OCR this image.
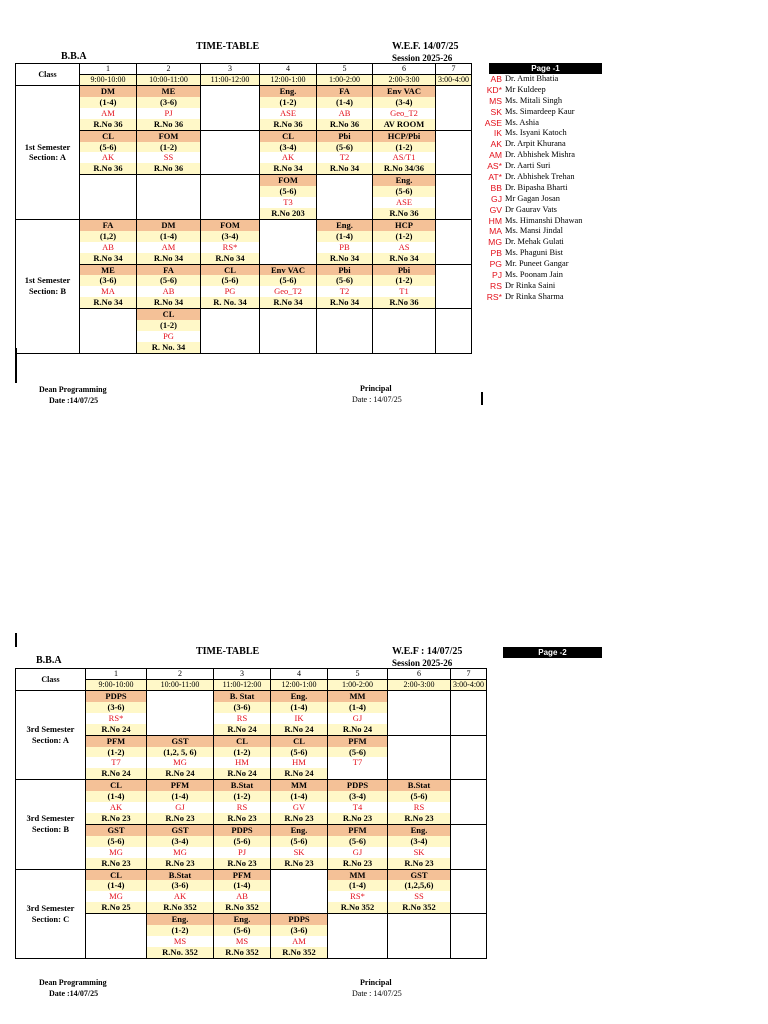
B.B.A
TIME-TABLE	W.E.F. 14/07/25
Session 2025-26
Page -1
Class	1	2	3	4	5	6	7
	9:00-10:00	10:00-11:00	11:00-12:00	12:00-1:00	1:00-2:00	2:00-3:00	3:00-4:00

1st Semester
Section: A	DM	ME		Eng.	FA	Env VAC	
	(1-4)	(3-6)		(1-2)	(1-4)	(3-4)	
	AM	PJ		ASE	AB	Geo_T2	
	R.No 36	R.No 36		R.No 36	R.No 36	AV ROOM	
	CL	FOM		CL	Pbi	HCP/Pbi	
	(5-6)	(1-2)		(3-4)	(5-6)	(1-2)	
	AK	SS		AK	T2	AS/T1	
	R.No 36	R.No 36		R.No 34	R.No 34	R.No 34/36	
				FOM		Eng.	
				(5-6)		(5-6)	
				T3		ASE	
				R.No 203		R.No 36	

1st Semester
Section: B	FA	DM	FOM		Eng.	HCP	
	(1,2)	(1-4)	(3-4)		(1-4)	(1-2)	
	AB	AM	RS*		PB	AS	
	R.No 34	R.No 34	R.No 34		R.No 34	R.No 34	
	ME	FA	CL	Env VAC	Pbi	Pbi	
	(3-6)	(5-6)	(5-6)	(5-6)	(5-6)	(1-2)	
	MA	AB	PG	Geo_T2	T2	T1	
	R.No 34	R.No 34	R. No. 34	R.No 34	R.No 34	R.No 36	
		CL					
		(1-2)					
		PG					
		R. No. 34					
Dean Programming
Date :14/07/25
Principal
Date : 14/07/25
AB Dr. Amit Bhatia
KD* Mr Kuldeep
MS Ms. Mitali Singh
SK Ms. Simardeep Kaur
ASE Ms. Ashia
IK Ms. Isyani Katoch
AK Dr. Arpit Khurana
AM Dr. Abhishek Mishra
AS* Dr. Aarti Suri
AT* Dr. Abhishek Trehan
BB Dr. Bipasha Bharti
GJ Mr Gagan Josan
GV Dr Gaurav Vats
HM Ms. Himanshi Dhawan
MA Ms. Mansi Jindal
MG Dr. Mehak Gulati
PB Ms. Phaguni Bist
PG Mr. Puneet Gangar
PJ Ms. Poonam Jain
RS Dr Rinka Saini
RS* Dr Rinka Sharma
B.B.A
TIME-TABLE	W.E.F : 14/07/25
Session 2025-26
Page -2
Class	1	2	3	4	5	6	7
	9:00-10:00	10:00-11:00	11:00-12:00	12:00-1:00	1:00-2:00	2:00-3:00	3:00-4:00

3rd Semester
Section: A	PDPS		B. Stat	Eng.	MM		
	(3-6)		(3-6)	(1-4)	(1-4)		
	RS*		RS	IK	GJ		
	R.No 24		R.No 24	R.No 24	R.No 24		
	PFM	GST	CL	CL	PFM		
	(1-2)	(1,2, 5, 6)	(1-2)	(5-6)	(5-6)		
	T7	MG	HM	HM	T7		
	R.No 24	R.No 24	R.No 24	R.No 24			

3rd Semester
Section: B	CL	PFM	B.Stat	MM	PDPS	B.Stat	
	(1-4)	(1-4)	(1-2)	(1-4)	(3-4)	(5-6)	
	AK	GJ	RS	GV	T4	RS	
	R.No 23	R.No 23	R.No 23	R.No 23	R.No 23	R.No 23	
	GST	GST	PDPS	Eng.	PFM	Eng.	
	(5-6)	(3-4)	(5-6)	(5-6)	(5-6)	(3-4)	
	MG	MG	PJ	SK	GJ	SK	
	R.No 23	R.No 23	R.No 23	R.No 23	R.No 23	R.No 23	

3rd Semester
Section: C	CL	B.Stat	PFM		MM	GST	
	(1-4)	(3-6)	(1-4)		(1-4)	(1,2,5,6)	
	MG	AK	AB		RS*	SS	
	R.No 25	R.No 352	R.No 352		R.No 352	R.No 352	
		Eng.	Eng.	PDPS			
		(1-2)	(5-6)	(3-6)			
		MS	MS	AM			
		R.No. 352	R.No 352	R.No 352			
Dean Programming
Date :14/07/25
Principal
Date : 14/07/25
